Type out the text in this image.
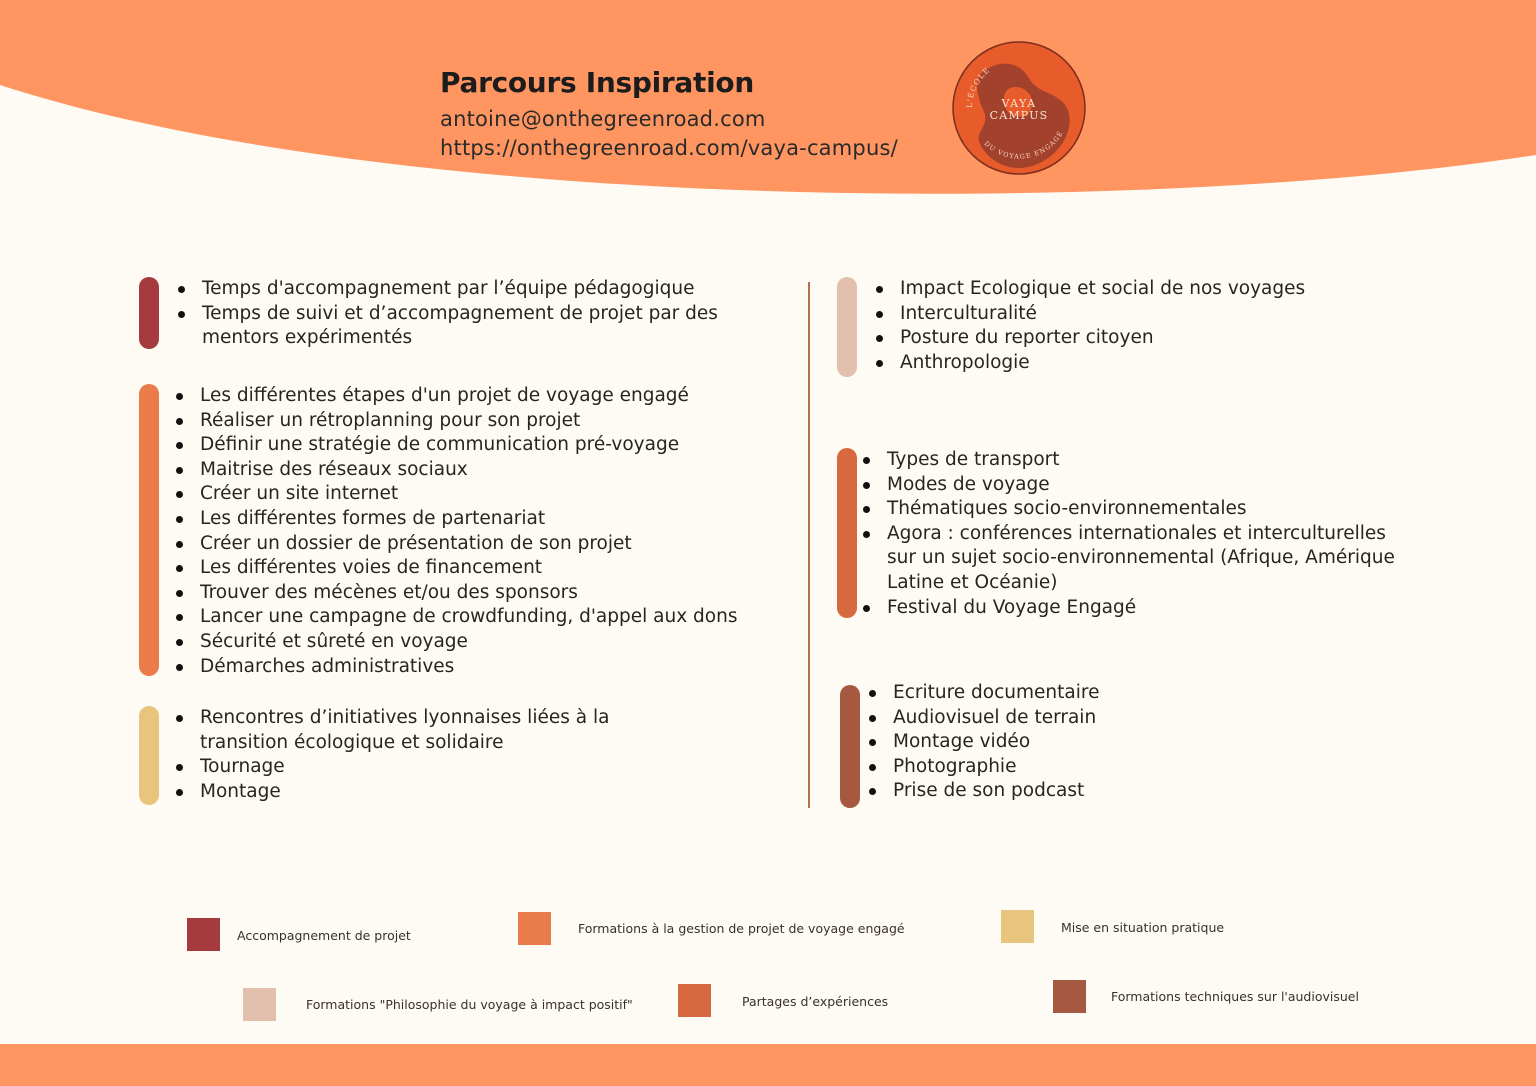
Parcours Inspiration
antoine@onthegreenroad.com
https://onthegreenroad.com/vaya-campus/
L'ÉCOLE
DU VOYAGE ENGAGÉ
VAYA
CAMPUS
Temps d'accompagnement par l’équipe pédagogique
Temps de suivi et d’accompagnement de projet par des mentors expérimentés
Les différentes étapes d'un projet de voyage engagé
Réaliser un rétroplanning pour son projet
Définir une stratégie de communication pré-voyage
Maitrise des réseaux sociaux
Créer un site internet
Les différentes formes de partenariat
Créer un dossier de présentation de son projet
Les différentes voies de financement
Trouver des mécènes et/ou des sponsors
Lancer une campagne de crowdfunding, d'appel aux dons
Sécurité et sûreté en voyage
Démarches administratives
Rencontres d’initiatives lyonnaises liées à la transition écologique et solidaire
Tournage
Montage
Impact Ecologique et social de nos voyages
Interculturalité
Posture du reporter citoyen
Anthropologie
Types de transport
Modes de voyage
Thématiques socio-environnementales
Agora : conférences internationales et interculturelles sur un sujet socio-environnemental (Afrique, Amérique Latine et Océanie)
Festival du Voyage Engagé
Ecriture documentaire
Audiovisuel de terrain
Montage vidéo
Photographie
Prise de son podcast
Accompagnement de projet	Formations à la gestion de projet de voyage engagé	Mise en situation pratique
Formations "Philosophie du voyage à impact positif"	Partages d’expériences	Formations techniques sur l'audiovisuel
